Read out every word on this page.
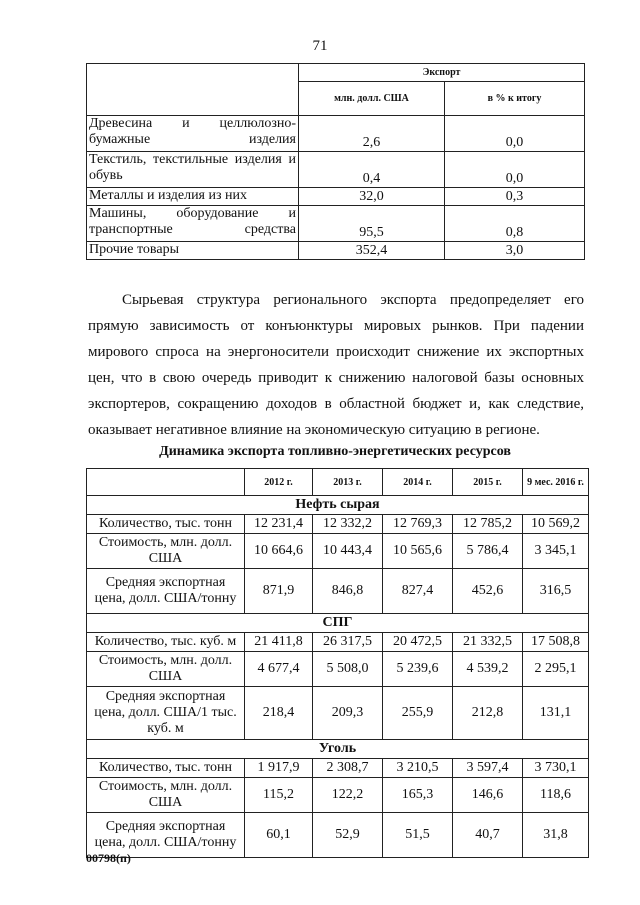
71
	Экспорт	
	млн. долл. США	в % к итогу
Древесина и целлюлозно-бумажные изделия	2,6	0,0
Текстиль, текстильные изделия и обувь	0,4	0,0
Металлы и изделия из них	32,0	0,3
Машины, оборудование и транспортные средства	95,5	0,8
Прочие товары	352,4	3,0
Сырьевая структура регионального экспорта предопределяет его прямую зависимость от конъюнктуры мировых рынков. При падении мирового спроса на энергоносители происходит снижение их экспортных цен, что в свою очередь приводит к снижению налоговой базы основных экспортеров, сокращению доходов в областной бюджет и, как следствие, оказывает негативное влияние на экономическую ситуацию в регионе.
Динамика экспорта топливно-энергетических ресурсов
	2012 г.	2013 г.	2014 г.	2015 г.	9 мес. 2016 г.
Нефть сырая					
Количество, тыс. тонн	12 231,4	12 332,2	12 769,3	12 785,2	10 569,2
Стоимость, млн. долл. США	10 664,6	10 443,4	10 565,6	5 786,4	3 345,1
Средняя экспортная цена, долл. США/тонну	871,9	846,8	827,4	452,6	316,5
СПГ					
Количество, тыс. куб. м	21 411,8	26 317,5	20 472,5	21 332,5	17 508,8
Стоимость, млн. долл. США	4 677,4	5 508,0	5 239,6	4 539,2	2 295,1
Средняя экспортная цена, долл. США/1 тыс. куб. м	218,4	209,3	255,9	212,8	131,1
Уголь					
Количество, тыс. тонн	1 917,9	2 308,7	3 210,5	3 597,4	3 730,1
Стоимость, млн. долл. США	115,2	122,2	165,3	146,6	118,6
Средняя экспортная цена, долл. США/тонну	60,1	52,9	51,5	40,7	31,8
00798(п)
